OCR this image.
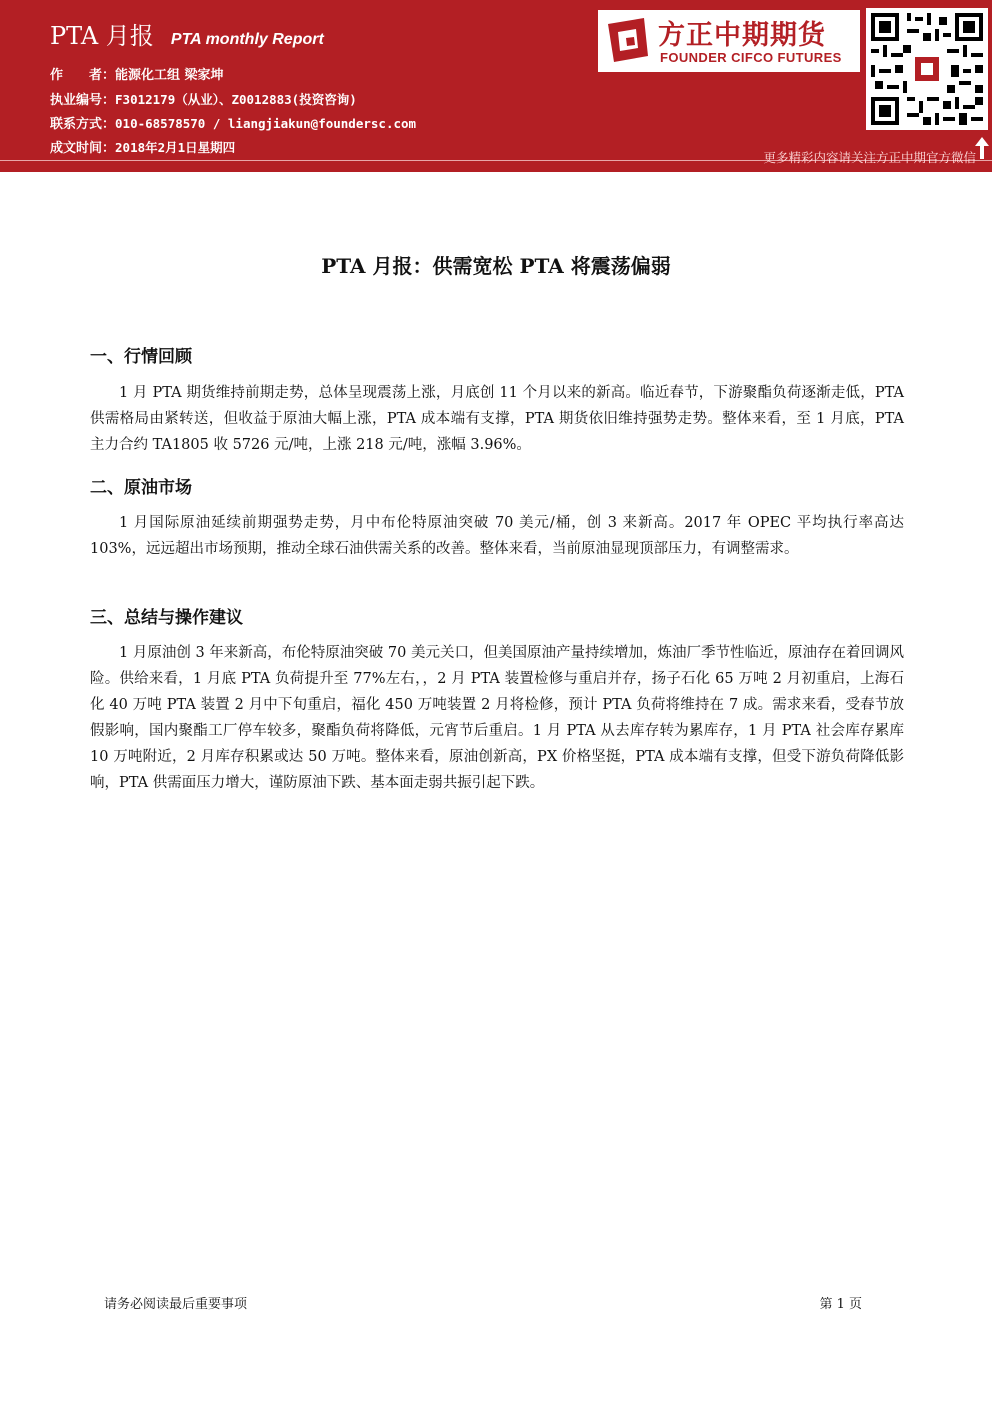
PTA 月报 PTA monthly Report
作　　者：能源化工组 梁家坤
执业编号：F3012179（从业）、Z0012883(投资咨询)
联系方式：010-68578570 / liangjiakun@foundersc.com
成文时间：2018年2月1日星期四
方正中期期货
FOUNDER CIFCO FUTURES
更多精彩内容请关注方正中期官方微信
PTA 月报：供需宽松 PTA 将震荡偏弱
一、行情回顾

1 月 PTA 期货维持前期走势，总体呈现震荡上涨，月底创 11 个月以来的新高。临近春节，下游聚酯负荷逐渐走低，PTA 供需格局由紧转送，但收益于原油大幅上涨，PTA 成本端有支撑，PTA 期货依旧维持强势走势。整体来看，至 1 月底，PTA 主力合约 TA1805 收 5726 元/吨，上涨 218 元/吨，涨幅 3.96%。

二、原油市场

1 月国际原油延续前期强势走势，月中布伦特原油突破 70 美元/桶，创 3 来新高。2017 年 OPEC 平均执行率高达 103%，远远超出市场预期，推动全球石油供需关系的改善。整体来看，当前原油显现顶部压力，有调整需求。

三、总结与操作建议

1 月原油创 3 年来新高，布伦特原油突破 70 美元关口，但美国原油产量持续增加，炼油厂季节性临近，原油存在着回调风险。供给来看，1 月底 PTA 负荷提升至 77%左右，，2 月 PTA 装置检修与重启并存，扬子石化 65 万吨 2 月初重启，上海石化 40 万吨 PTA 装置 2 月中下旬重启，福化 450 万吨装置 2 月将检修，预计 PTA 负荷将维持在 7 成。需求来看，受春节放假影响，国内聚酯工厂停车较多，聚酯负荷将降低，元宵节后重启。1 月 PTA 从去库存转为累库存，1 月 PTA 社会库存累库 10 万吨附近，2 月库存积累或达 50 万吨。整体来看，原油创新高，PX 价格坚挺，PTA 成本端有支撑，但受下游负荷降低影响，PTA 供需面压力增大，谨防原油下跌、基本面走弱共振引起下跌。

请务必阅读最后重要事项	第 1 页
